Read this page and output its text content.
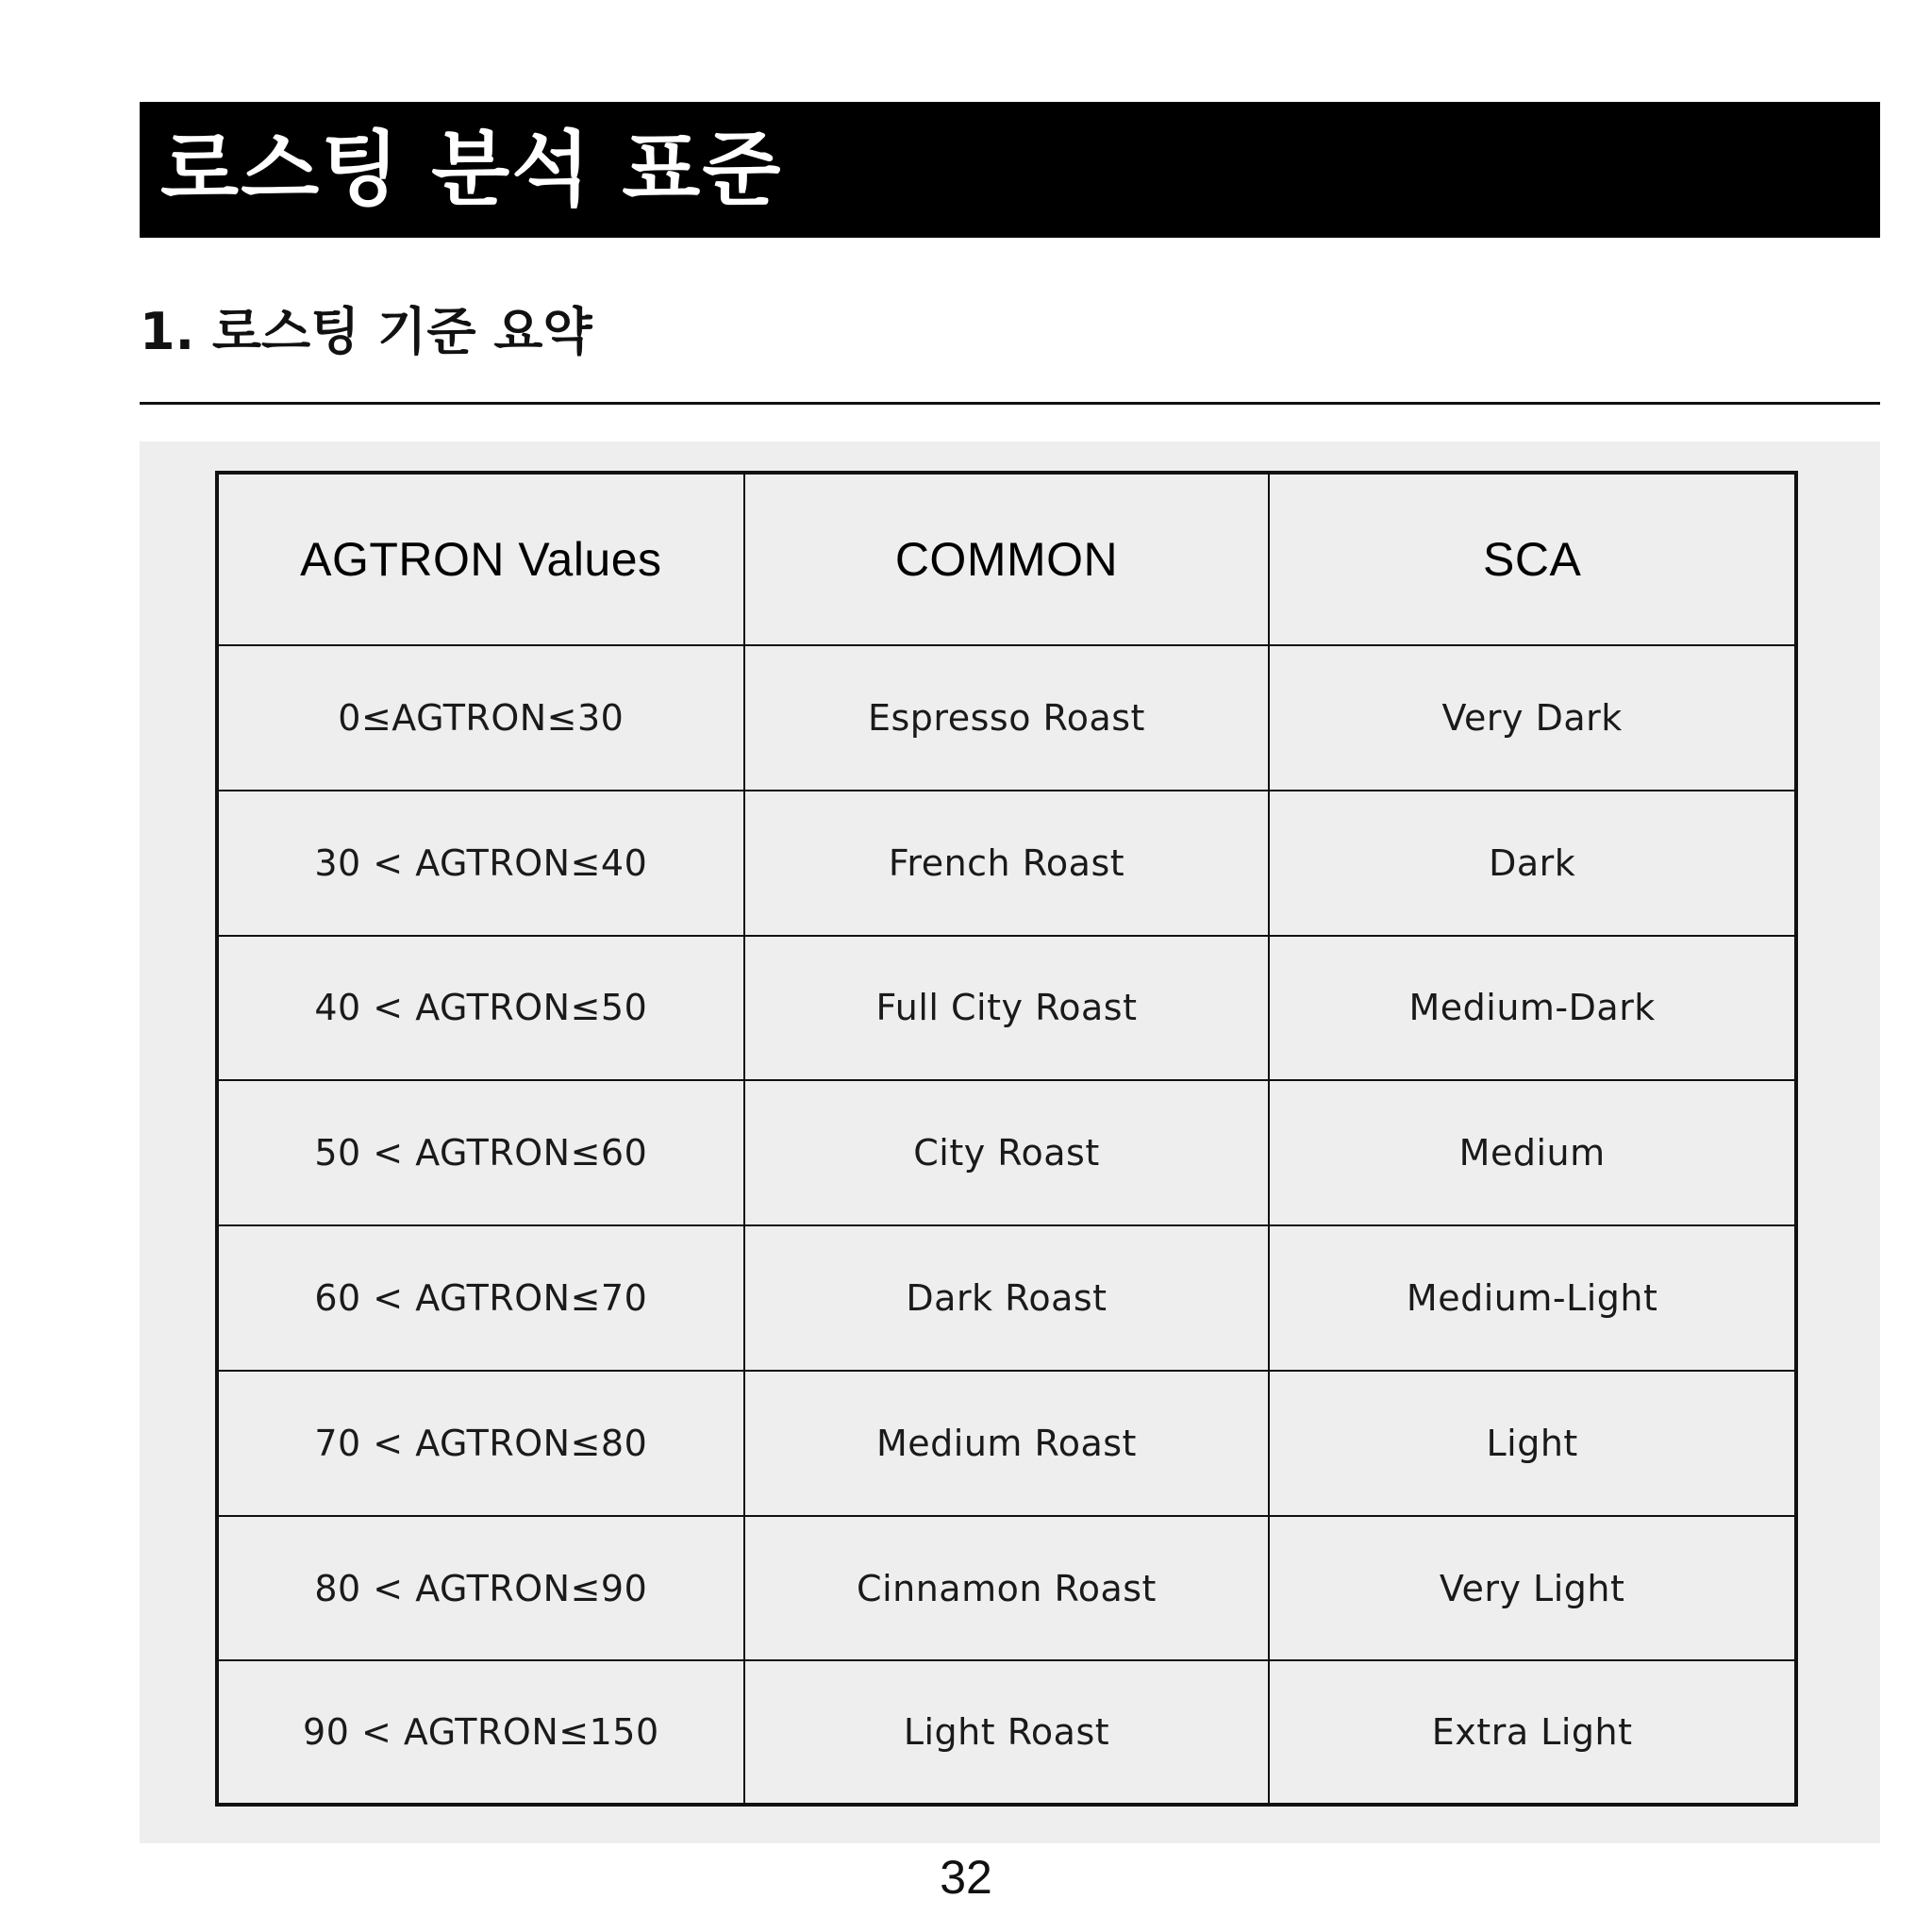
로스팅 분석 표준
1. 로스팅 기준 요약
AGTRON Values	COMMON	SCA
0≤AGTRON≤30	Espresso Roast	Very Dark
30 < AGTRON≤40	French Roast	Dark
40 < AGTRON≤50	Full City Roast	Medium-Dark
50 < AGTRON≤60	City Roast	Medium
60 < AGTRON≤70	Dark Roast	Medium-Light
70 < AGTRON≤80	Medium Roast	Light
80 < AGTRON≤90	Cinnamon Roast	Very Light
90 < AGTRON≤150	Light Roast	Extra Light
32
